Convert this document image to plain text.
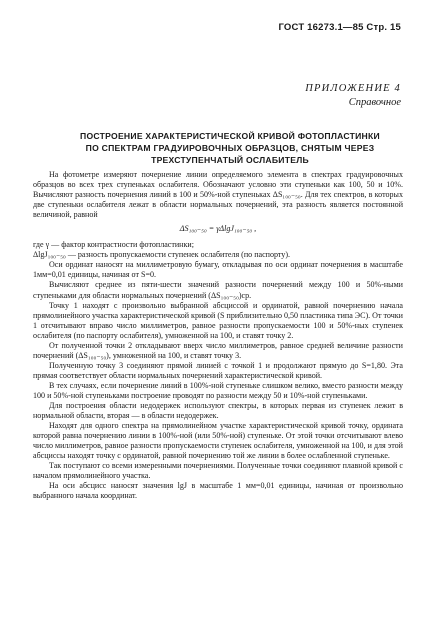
ГОСТ 16273.1—85 Стр. 15
ПРИЛОЖЕНИЕ 4
Справочное
ПОСТРОЕНИЕ ХАРАКТЕРИСТИЧЕСКОЙ КРИВОЙ ФОТОПЛАСТИНКИ
ПО СПЕКТРАМ ГРАДУИРОВОЧНЫХ ОБРАЗЦОВ, СНЯТЫМ ЧЕРЕЗ
ТРЕХСТУПЕНЧАТЫЙ ОСЛАБИТЕЛЬ

На фотометре измеряют почернение линии определяемого элемента в спектрах градуировочных образцов во всех трех ступеньках ослабителя. Обозначают условно эти ступеньки как 100, 50 и 10%. Вычисляют разность почернения линий в 100 и 50%-ной ступеньках ΔS₁₀₀₋₅₀. Для тех спектров, в которых две ступеньки ослабителя лежат в области нормальных почернений, эта разность является постоянной величиной, равной

ΔS₁₀₀₋₅₀ = γΔlgJ₁₀₀₋₅₀ ,
где γ — фактор контрастности фотопластинки;
ΔlgJ₁₀₀₋₅₀ — разность пропускаемости ступенек ослабителя (по паспорту).

Оси ординат наносят на миллиметровую бумагу, откладывая по оси ординат почернения в масштабе 1мм=0,01 единицы, начиная от S=0.

Вычисляют среднее из пяти-шести значений разности почернений между 100 и 50%-ными ступеньками для области нормальных почернений (ΔS₁₀₀₋₅₀)ср.

Точку 1 находят с произвольно выбранной абсциссой и ординатой, равной почернению начала прямолинейного участка характеристической кривой (S приблизительно 0,50 пластинка типа ЭС). От точки 1 отсчитывают вправо число миллиметров, равное разности пропускаемости 100 и 50%-ных ступенек ослабителя (по паспорту ослабителя), умноженной на 100, и ставят точку 2.

От полученной точки 2 откладывают вверх число миллиметров, равное средней величине разности почернений (ΔS₁₀₀₋₅₀), умноженной на 100, и ставят точку 3.

Полученную точку 3 соединяют прямой линией с точкой 1 и продолжают прямую до S=1,80. Эта прямая соответствует области нормальных почернений характеристической кривой.

В тех случаях, если почернение линий в 100%-ной ступеньке слишком велико, вместо разности между 100 и 50%-ной ступеньками построение проводят по разности между 50 и 10%-ной ступеньками.

Для построения области недодержек используют спектры, в которых первая из ступенек лежит в нормальной области, вторая — в области недодержек.

Находят для одного спектра на прямолинейном участке характеристической кривой точку, ордината которой равна почернению линии в 100%-ной (или 50%-ной) ступеньке. От этой точки отсчитывают влево число миллиметров, равное разности пропускаемости ступенек ослабителя, умноженной на 100, и для этой абсциссы находят точку с ординатой, равной почернению той же линии в более ослабленной ступеньке.

Так поступают со всеми измеренными почернениями. Полученные точки соединяют плавной кривой с началом прямолинейного участка.

На оси абсцисс наносят значения lgJ в масштабе 1 мм=0,01 единицы, начиная от произвольно выбранного начала координат.
